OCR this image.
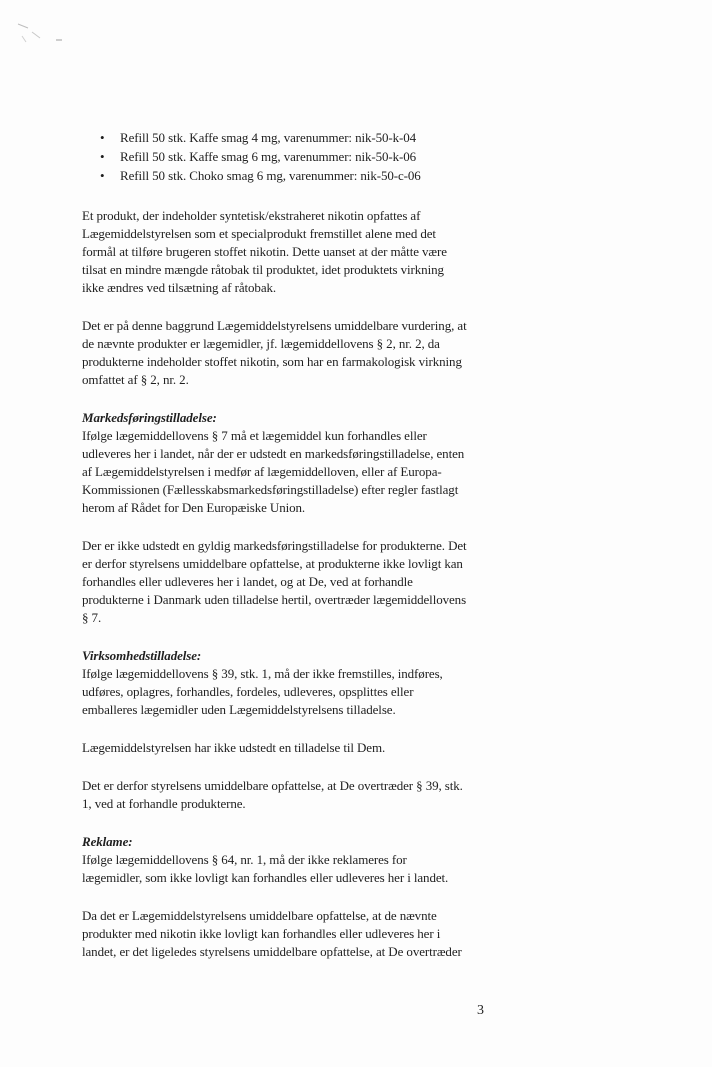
• Refill 50 stk. Kaffe smag 4 mg, varenummer: nik-50-k-04
• Refill 50 stk. Kaffe smag 6 mg, varenummer: nik-50-k-06
• Refill 50 stk. Choko smag 6 mg, varenummer: nik-50-c-06

Et produkt, der indeholder syntetisk/ekstraheret nikotin opfattes af
Lægemiddelstyrelsen som et specialprodukt fremstillet alene med det
formål at tilføre brugeren stoffet nikotin. Dette uanset at der måtte være
tilsat en mindre mængde råtobak til produktet, idet produktets virkning
ikke ændres ved tilsætning af råtobak.

Det er på denne baggrund Lægemiddelstyrelsens umiddelbare vurdering, at
de nævnte produkter er lægemidler, jf. lægemiddellovens § 2, nr. 2, da
produkterne indeholder stoffet nikotin, som har en farmakologisk virkning
omfattet af § 2, nr. 2.

Markedsføringstilladelse:

Ifølge lægemiddellovens § 7 må et lægemiddel kun forhandles eller
udleveres her i landet, når der er udstedt en markedsføringstilladelse, enten
af Lægemiddelstyrelsen i medfør af lægemiddelloven, eller af Europa-
Kommissionen (Fællesskabsmarkedsføringstilladelse) efter regler fastlagt
herom af Rådet for Den Europæiske Union.

Der er ikke udstedt en gyldig markedsføringstilladelse for produkterne. Det
er derfor styrelsens umiddelbare opfattelse, at produkterne ikke lovligt kan
forhandles eller udleveres her i landet, og at De, ved at forhandle
produkterne i Danmark uden tilladelse hertil, overtræder lægemiddellovens
§ 7.

Virksomhedstilladelse:

Ifølge lægemiddellovens § 39, stk. 1, må der ikke fremstilles, indføres,
udføres, oplagres, forhandles, fordeles, udleveres, opsplittes eller
emballeres lægemidler uden Lægemiddelstyrelsens tilladelse.

Lægemiddelstyrelsen har ikke udstedt en tilladelse til Dem.

Det er derfor styrelsens umiddelbare opfattelse, at De overtræder § 39, stk.
1, ved at forhandle produkterne.

Reklame:

Ifølge lægemiddellovens § 64, nr. 1, må der ikke reklameres for
lægemidler, som ikke lovligt kan forhandles eller udleveres her i landet.

Da det er Lægemiddelstyrelsens umiddelbare opfattelse, at de nævnte
produkter med nikotin ikke lovligt kan forhandles eller udleveres her i
landet, er det ligeledes styrelsens umiddelbare opfattelse, at De overtræder

3
